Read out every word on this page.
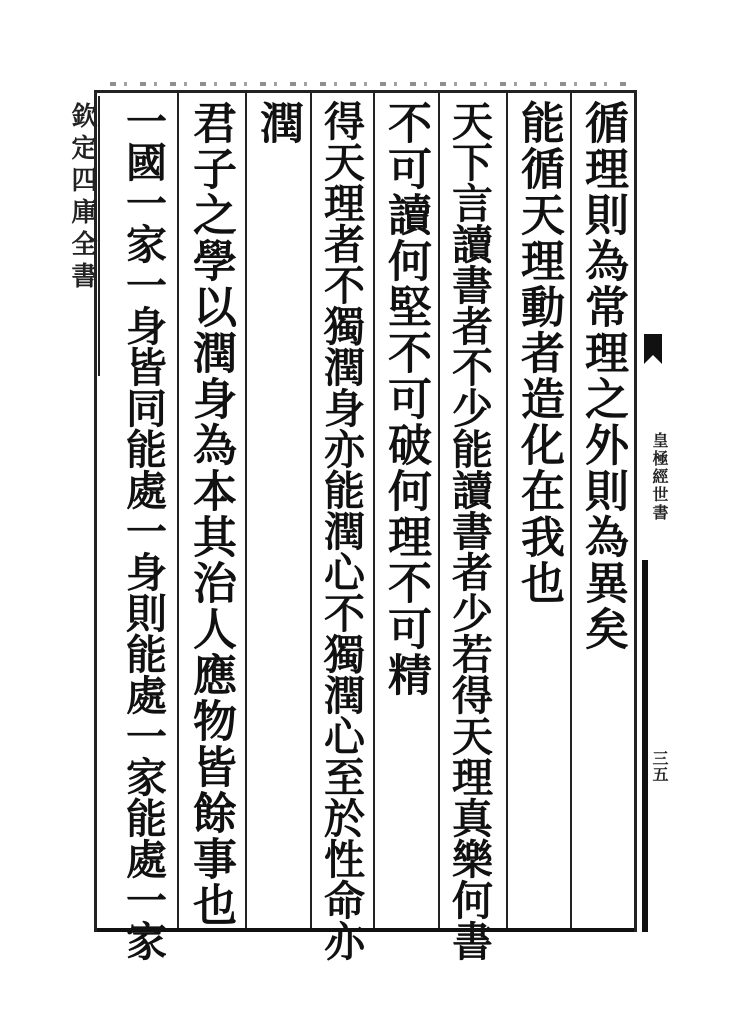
循理則為常理之外則為異矣
能循天理動者造化在我也
天下言讀書者不少能讀書者少若得天理真樂何書
不可讀何堅不可破何理不可精
得天理者不獨潤身亦能潤心不獨潤心至於性命亦
潤
君子之學以潤身為本其治人應物皆餘事也
一國一家一身皆同能處一身則能處一家能處一家
欽定四庫全書
皇極經世書
三五
